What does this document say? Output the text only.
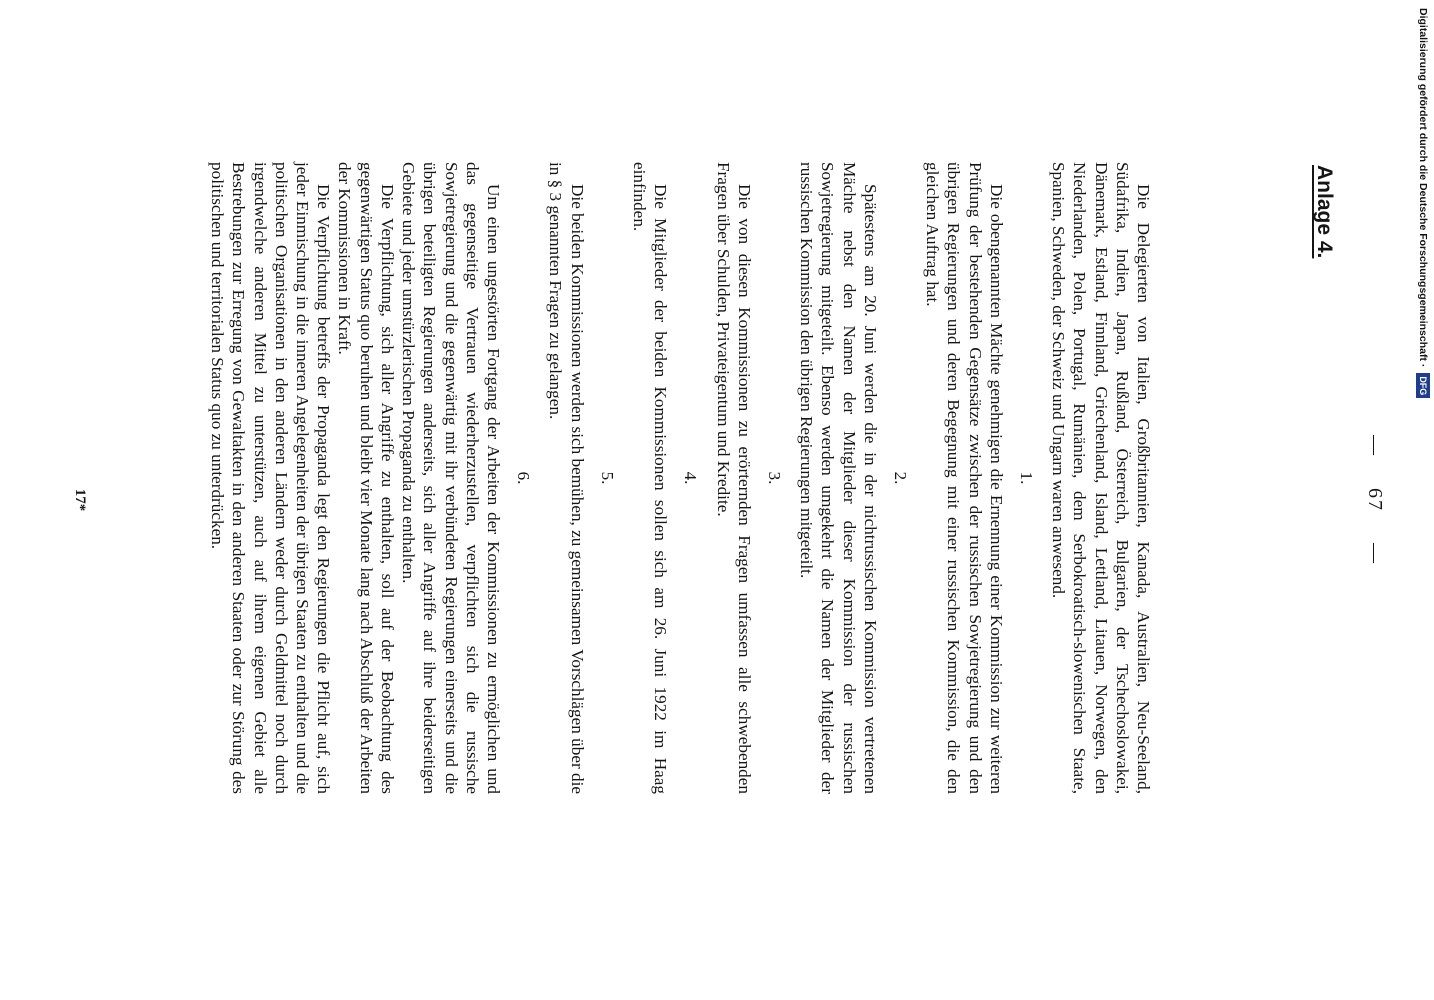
— 67 —
Anlage 4.

Die Delegierten von Italien, Großbritannien, Kanada, Australien, Neu-Seeland, Südafrika, Indien, Japan, Rußland, Österreich, Bulgarien, der Tschechoslowakei, Dänemark, Estland, Finnland, Griechenland, Island, Lettland, Litauen, Norwegen, den Niederlanden, Polen, Portugal, Rumänien, dem Serbokroatisch-slowenischen Staate, Spanien, Schweden, der Schweiz und Ungarn waren anwesend.

1.

Die obengenannten Mächte genehmigen die Ernennung einer Kommission zur weiteren Prüfung der bestehenden Gegensätze zwischen der russischen Sowjetregierung und den übrigen Regierungen und deren Begegnung mit einer russischen Kommission, die den gleichen Auftrag hat.

2.

Spätestens am 20. Juni werden die in der nichtrussischen Kommission vertretenen Mächte nebst den Namen der Mitglieder dieser Kommission der russischen Sowjetregierung mitgeteilt. Ebenso werden umgekehrt die Namen der Mitglieder der russischen Kommission den übrigen Regierungen mitgeteilt.

3.

Die von diesen Kommissionen zu erörternden Fragen umfassen alle schwebenden Fragen über Schulden, Privateigentum und Kredite.

4.

Die Mitglieder der beiden Kommissionen sollen sich am 26. Juni 1922 im Haag einfinden.

5.

Die beiden Kommissionen werden sich bemühen, zu gemeinsamen Vorschlägen über die in § 3 genannten Fragen zu gelangen.

6.

Um einen ungestörten Fortgang der Arbeiten der Kommissionen zu ermöglichen und das gegenseitige Vertrauen wiederherzustellen, verpflichten sich die russische Sowjetregierung und die gegenwärtig mit ihr verbündeten Regierungen einerseits und die übrigen beteiligten Regierungen anderseits, sich aller Angriffe auf ihre beiderseitigen Gebiete und jeder umstürzlerischen Propaganda zu enthalten.

Die Verpflichtung, sich aller Angriffe zu enthalten, soll auf der Beobachtung des gegenwärtigen Status quo beruhen und bleibt vier Monate lang nach Abschluß der Arbeiten der Kommissionen in Kraft.

Die Verpflichtung betreffs der Propaganda legt den Regierungen die Pflicht auf, sich jeder Einmischung in die inneren Angelegenheiten der übrigen Staaten zu enthalten und die politischen Organisationen in den anderen Ländern weder durch Geldmittel noch durch irgendwelche anderen Mittel zu unterstützen, auch auf ihrem eigenen Gebiet alle Bestrebungen zur Erregung von Gewaltakten in den anderen Staaten oder zur Störung des politischen und territorialen Status quo zu unterdrücken.

17*
Digitalisierung gefördert durch die Deutsche Forschungsgemeinschaft · DFG
